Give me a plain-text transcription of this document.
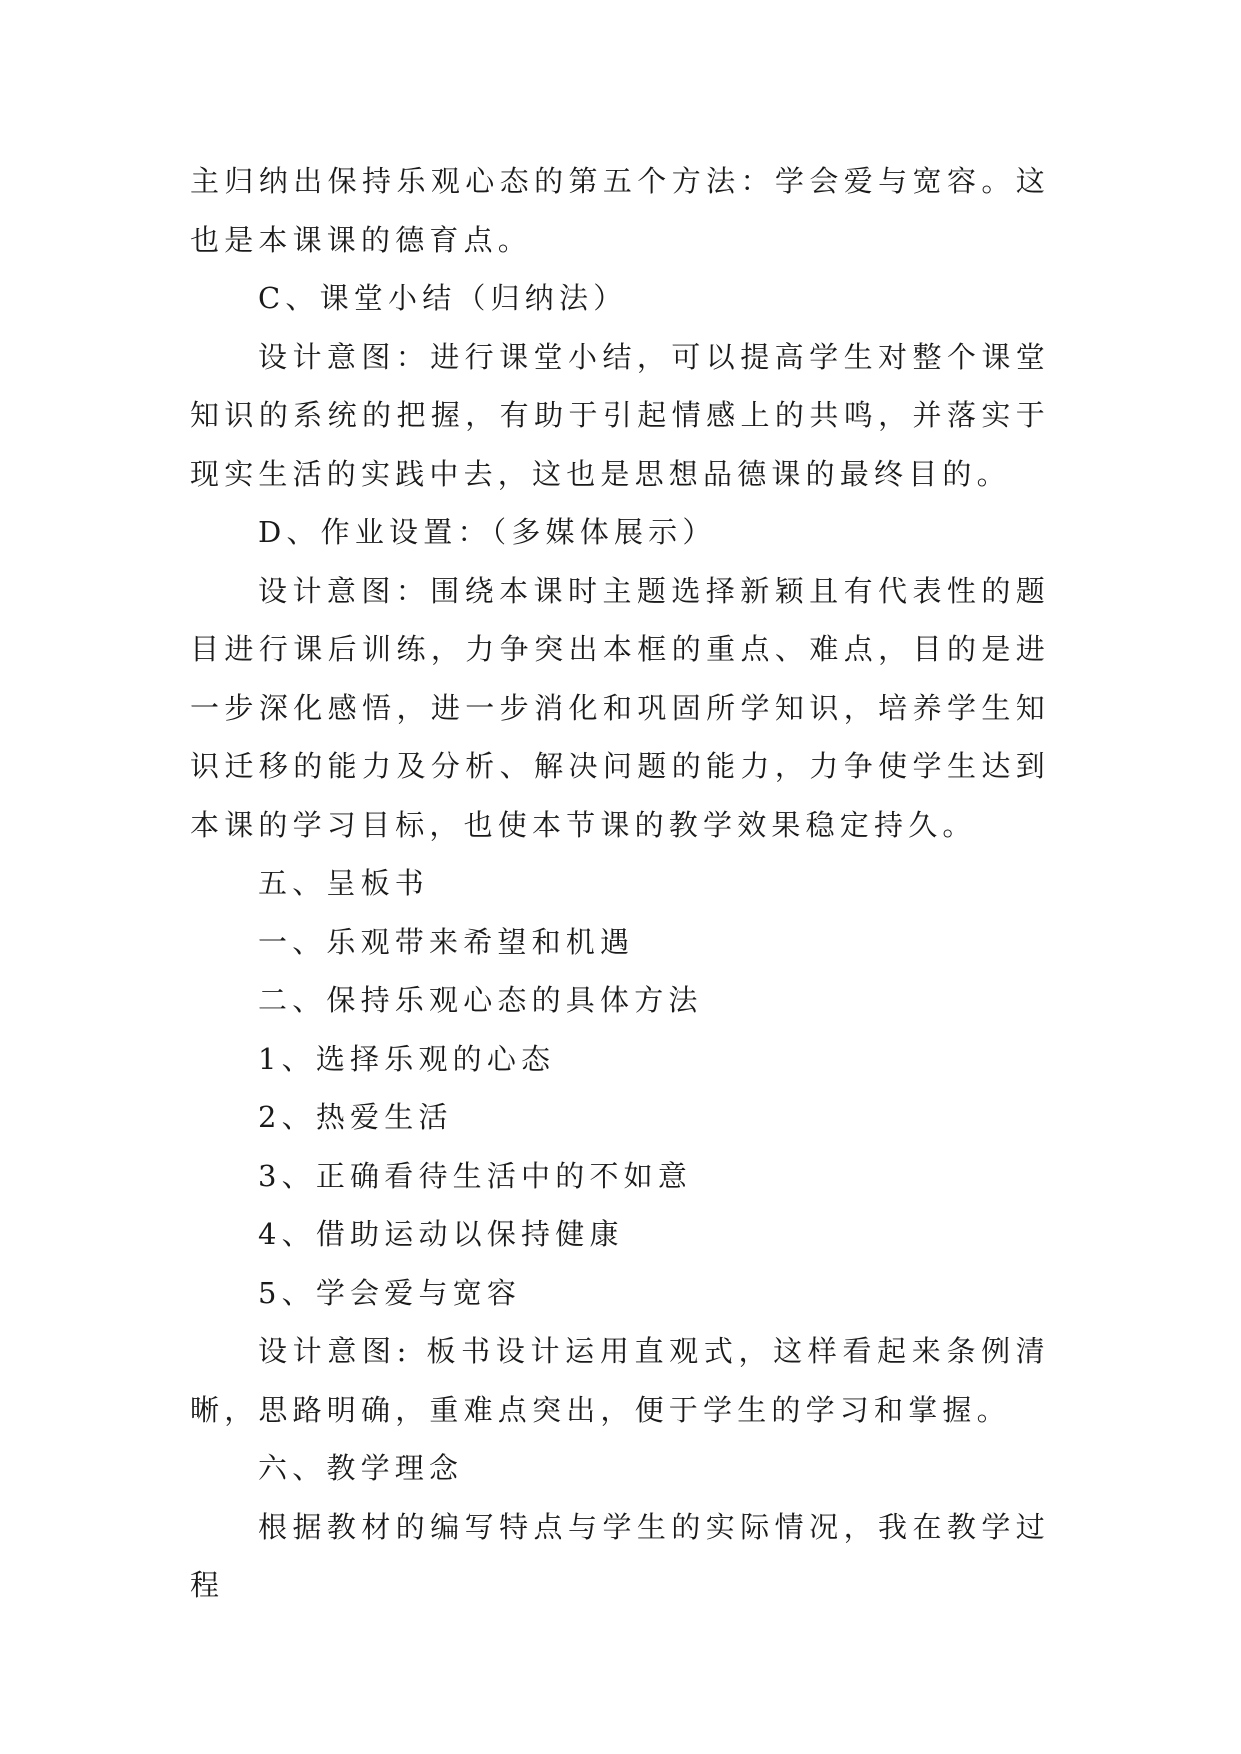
主归纳出保持乐观心态的第五个方法：学会爱与宽容。这也是本课课的德育点。

C、课堂小结（归纳法）

设计意图：进行课堂小结，可以提高学生对整个课堂知识的系统的把握，有助于引起情感上的共鸣，并落实于现实生活的实践中去，这也是思想品德课的最终目的。

D、作业设置：（多媒体展示）

设计意图：围绕本课时主题选择新颖且有代表性的题目进行课后训练，力争突出本框的重点、难点，目的是进一步深化感悟，进一步消化和巩固所学知识，培养学生知识迁移的能力及分析、解决问题的能力，力争使学生达到本课的学习目标，也使本节课的教学效果稳定持久。

五、呈板书

一、乐观带来希望和机遇

二、保持乐观心态的具体方法

1、选择乐观的心态

2、热爱生活

3、正确看待生活中的不如意

4、借助运动以保持健康

5、学会爱与宽容

设计意图: 板书设计运用直观式，这样看起来条例清晰，思路明确，重难点突出，便于学生的学习和掌握。

六、教学理念

根据教材的编写特点与学生的实际情况，我在教学过程
